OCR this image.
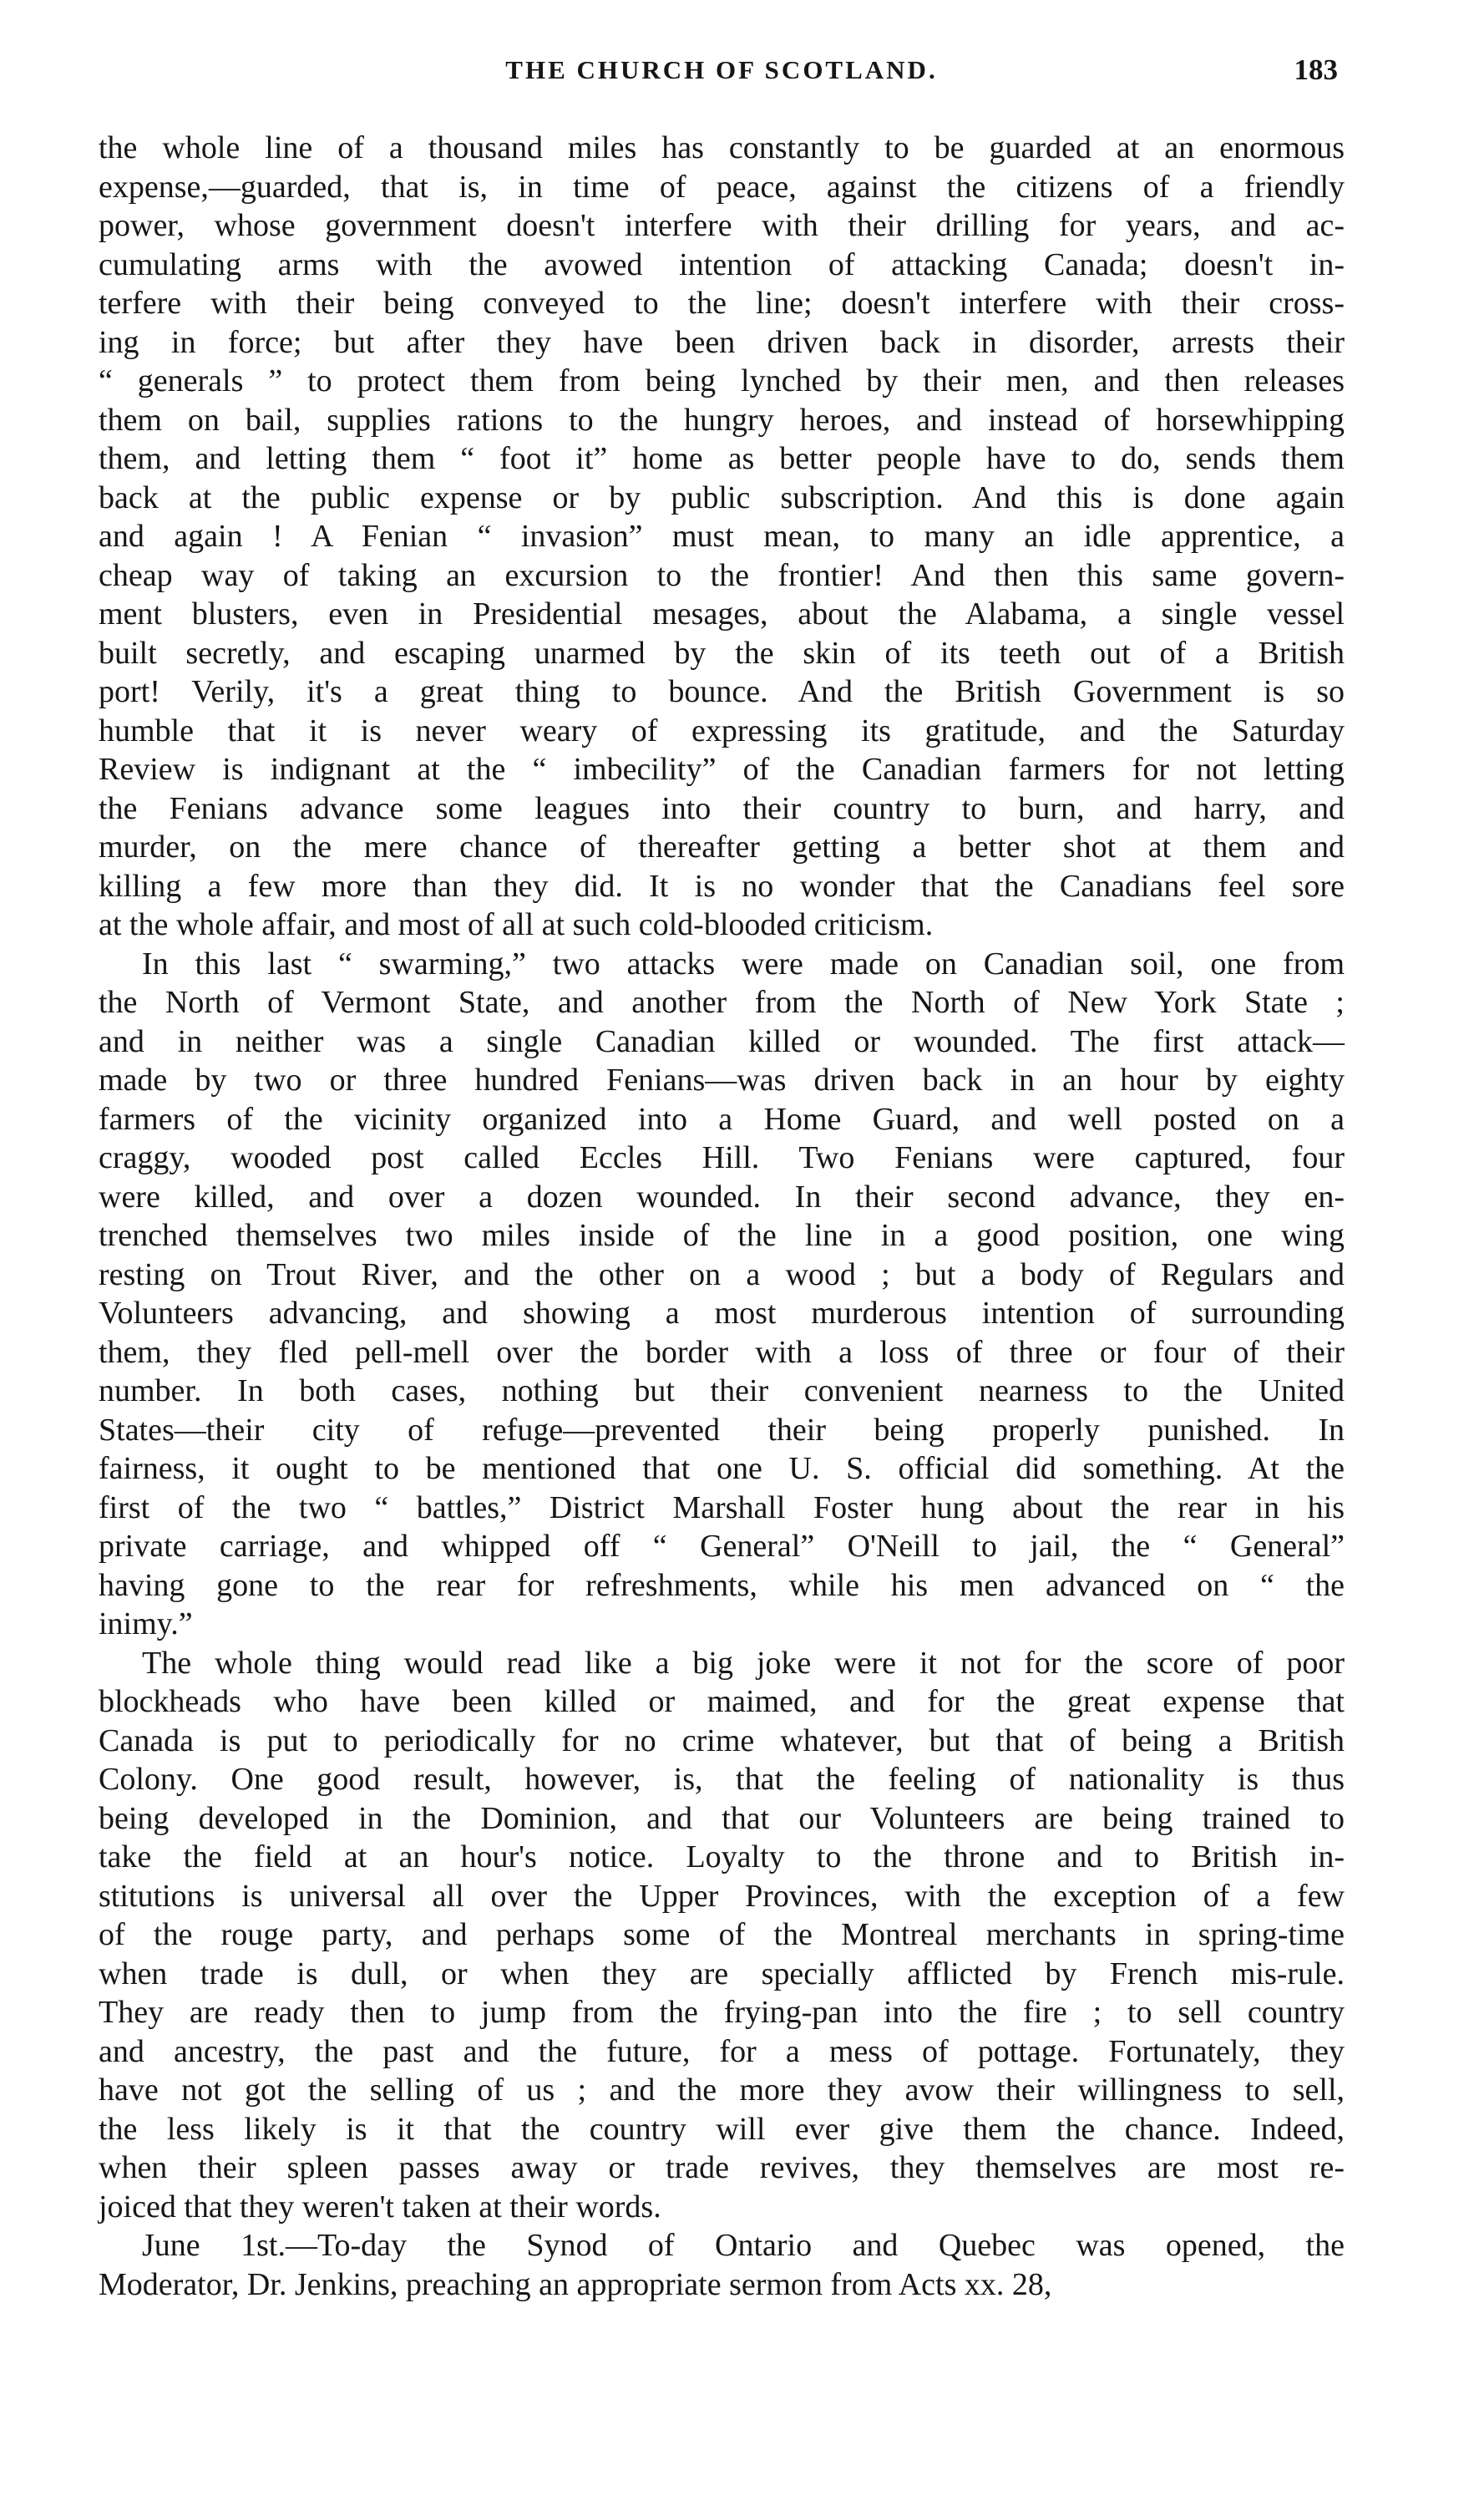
THE CHURCH OF SCOTLAND.	183
the whole line of a thousand miles has constantly to be guarded at an enormous
expense,—guarded, that is, in time of peace, against the citizens of a friendly
power, whose government doesn't interfere with their drilling for years, and ac-
cumulating arms with the avowed intention of attacking Canada; doesn't in-
terfere with their being conveyed to the line; doesn't interfere with their cross-
ing in force; but after they have been driven back in disorder, arrests their
“ generals ” to protect them from being lynched by their men, and then releases
them on bail, supplies rations to the hungry heroes, and instead of horsewhipping
them, and letting them “ foot it” home as better people have to do, sends them
back at the public expense or by public subscription. And this is done again
and again ! A Fenian “ invasion” must mean, to many an idle apprentice, a
cheap way of taking an excursion to the frontier! And then this same govern-
ment blusters, even in Presidential mesages, about the Alabama, a single vessel
built secretly, and escaping unarmed by the skin of its teeth out of a British
port! Verily, it's a great thing to bounce. And the British Government is so
humble that it is never weary of expressing its gratitude, and the Saturday
Review is indignant at the “ imbecility” of the Canadian farmers for not letting
the Fenians advance some leagues into their country to burn, and harry, and
murder, on the mere chance of thereafter getting a better shot at them and
killing a few more than they did. It is no wonder that the Canadians feel sore
at the whole affair, and most of all at such cold-blooded criticism.
In this last “ swarming,” two attacks were made on Canadian soil, one from
the North of Vermont State, and another from the North of New York State ;
and in neither was a single Canadian killed or wounded. The first attack—
made by two or three hundred Fenians—was driven back in an hour by eighty
farmers of the vicinity organized into a Home Guard, and well posted on a
craggy, wooded post called Eccles Hill. Two Fenians were captured, four
were killed, and over a dozen wounded. In their second advance, they en-
trenched themselves two miles inside of the line in a good position, one wing
resting on Trout River, and the other on a wood ; but a body of Regulars and
Volunteers advancing, and showing a most murderous intention of surrounding
them, they fled pell-mell over the border with a loss of three or four of their
number. In both cases, nothing but their convenient nearness to the United
States—their city of refuge—prevented their being properly punished. In
fairness, it ought to be mentioned that one U. S. official did something. At the
first of the two “ battles,” District Marshall Foster hung about the rear in his
private carriage, and whipped off “ General” O'Neill to jail, the “ General”
having gone to the rear for refreshments, while his men advanced on “ the
inimy.”
The whole thing would read like a big joke were it not for the score of poor
blockheads who have been killed or maimed, and for the great expense that
Canada is put to periodically for no crime whatever, but that of being a British
Colony. One good result, however, is, that the feeling of nationality is thus
being developed in the Dominion, and that our Volunteers are being trained to
take the field at an hour's notice. Loyalty to the throne and to British in-
stitutions is universal all over the Upper Provinces, with the exception of a few
of the rouge party, and perhaps some of the Montreal merchants in spring-time
when trade is dull, or when they are specially afflicted by French mis-rule.
They are ready then to jump from the frying-pan into the fire ; to sell country
and ancestry, the past and the future, for a mess of pottage. Fortunately, they
have not got the selling of us ; and the more they avow their willingness to sell,
the less likely is it that the country will ever give them the chance. Indeed,
when their spleen passes away or trade revives, they themselves are most re-
joiced that they weren't taken at their words.
June 1st.—To-day the Synod of Ontario and Quebec was opened, the
Moderator, Dr. Jenkins, preaching an appropriate sermon from Acts xx. 28,
